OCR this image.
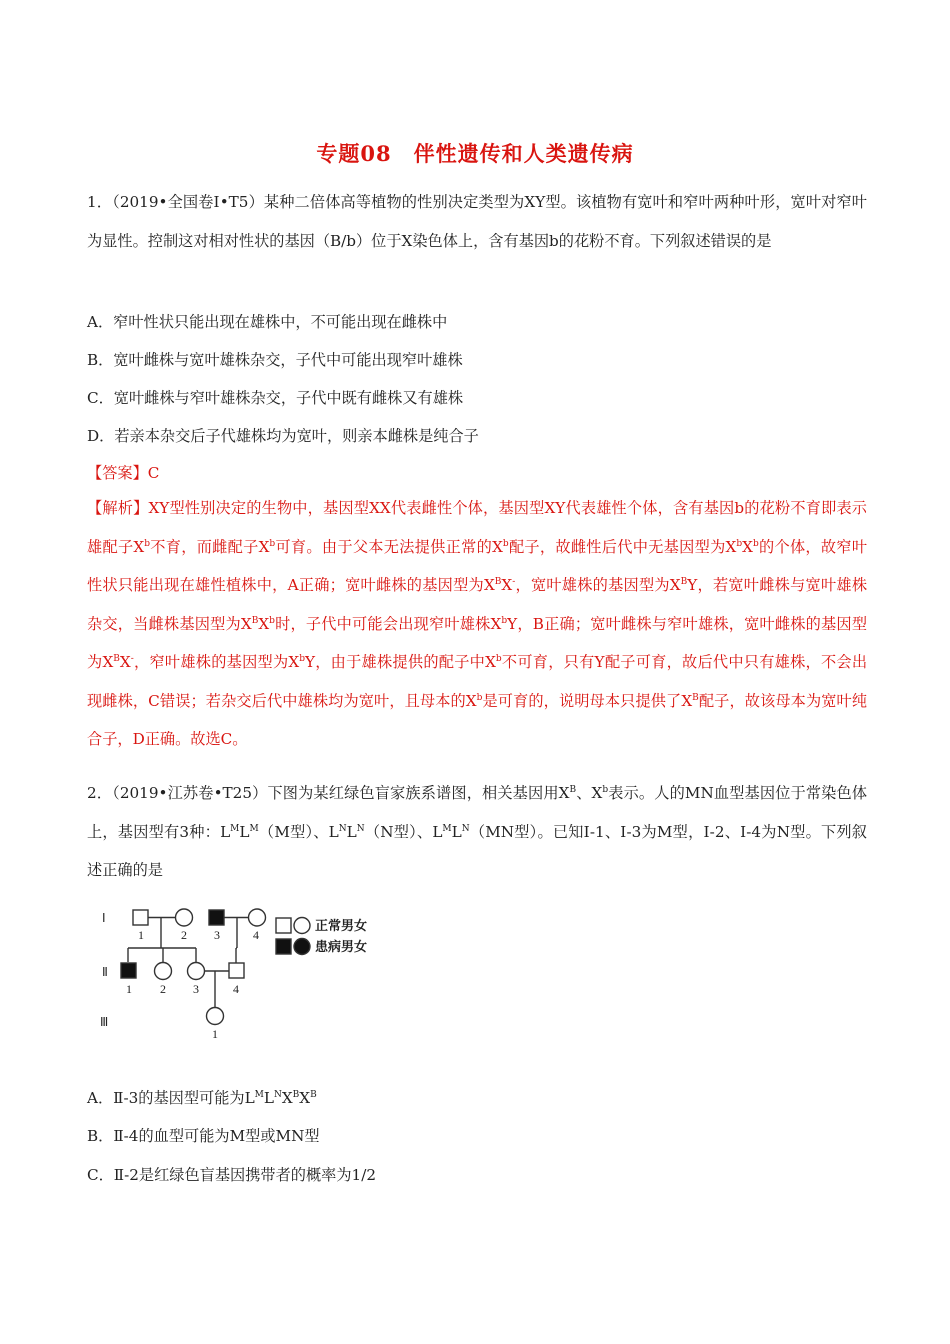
专题08 伴性遗传和人类遗传病
1．（2019•全国卷Ⅰ•T5）某种二倍体高等植物的性别决定类型为XY型。该植物有宽叶和窄叶两种叶形，宽叶对窄叶为显性。控制这对相对性状的基因（B/b）位于X染色体上，含有基因b的花粉不育。下列叙述错误的是
A．窄叶性状只能出现在雄株中，不可能出现在雌株中
B．宽叶雌株与宽叶雄株杂交，子代中可能出现窄叶雄株
C．宽叶雌株与窄叶雄株杂交，子代中既有雌株又有雄株
D．若亲本杂交后子代雄株均为宽叶，则亲本雌株是纯合子
【答案】C
【解析】XY型性别决定的生物中，基因型XX代表雌性个体，基因型XY代表雄性个体，含有基因b的花粉不育即表示雄配子$X^b$不育，而雌配子$X^b$可育。由于父本无法提供正常的$X^b$配子，故雌性后代中无基因型为$X^bX^b$的个体，故窄叶性状只能出现在雄性植株中，A正确；宽叶雌株的基因型为$X^BX^-$，宽叶雄株的基因型为$X^BY$，若宽叶雌株与宽叶雄株杂交，当雌株基因型为$X^BX^b$时，子代中可能会出现窄叶雄株$X^bY$，B正确；宽叶雌株与窄叶雄株，宽叶雌株的基因型为$X^BX^-$，窄叶雄株的基因型为$X^bY$，由于雄株提供的配子中$X^b$不可育，只有Y配子可育，故后代中只有雄株，不会出现雌株，C错误；若杂交后代中雄株均为宽叶，且母本的$X^b$是可育的，说明母本只提供了$X^B$配子，故该母本为宽叶纯合子，D正确。故选C。
2．（2019•江苏卷•T25）下图为某红绿色盲家族系谱图，相关基因用$X^B$、$X^b$表示。人的MN血型基因位于常染色体上，基因型有3种：$L^ML^M(M$型）、$L^NL^N(N$型）、$L^ML^N(MN$型）。已知Ⅰ-1、Ⅰ-3为M型，Ⅰ-2、Ⅰ-4为N型。下列叙述正确的是
Ⅰ
Ⅱ
Ⅲ
1	2 3	4
1 2 3	4
1
正常男女
患病男女
A．Ⅱ-3的基因型可能为$L^ML^NX^BX^B$
B．Ⅱ-4的血型可能为M型或MN型
C．Ⅱ-2是红绿色盲基因携带者的概率为1/2
